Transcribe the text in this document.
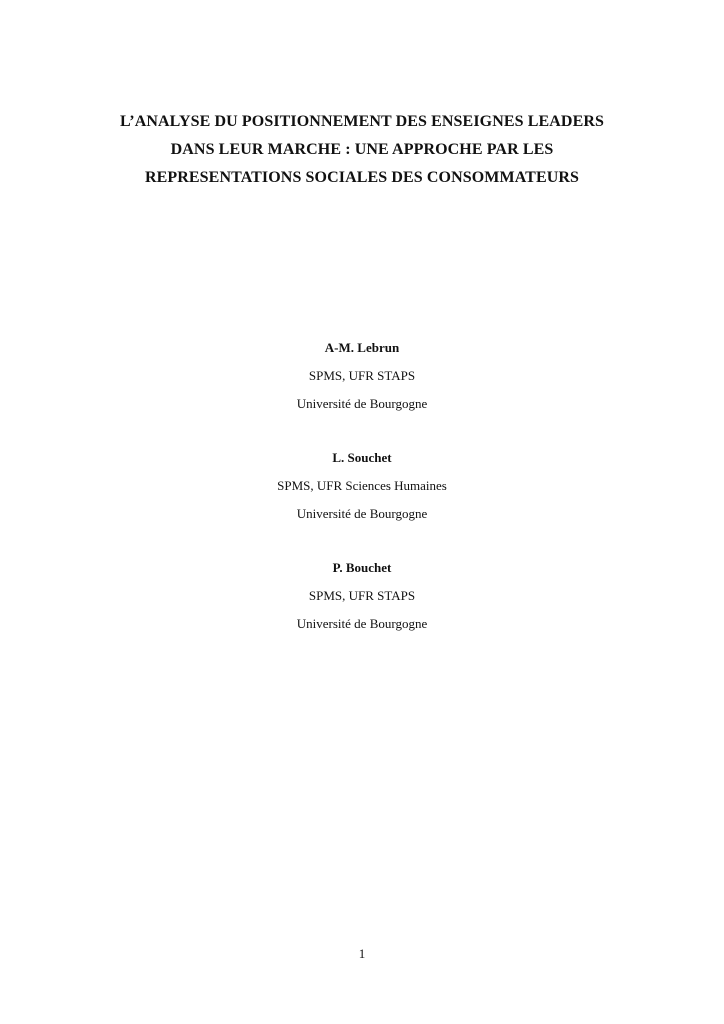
L’ANALYSE DU POSITIONNEMENT DES ENSEIGNES LEADERS
DANS LEUR MARCHE : UNE APPROCHE PAR LES
REPRESENTATIONS SOCIALES DES CONSOMMATEURS
A-M. Lebrun
SPMS, UFR STAPS
Université de Bourgogne
L. Souchet
SPMS, UFR Sciences Humaines
Université de Bourgogne
P. Bouchet
SPMS, UFR STAPS
Université de Bourgogne
1
